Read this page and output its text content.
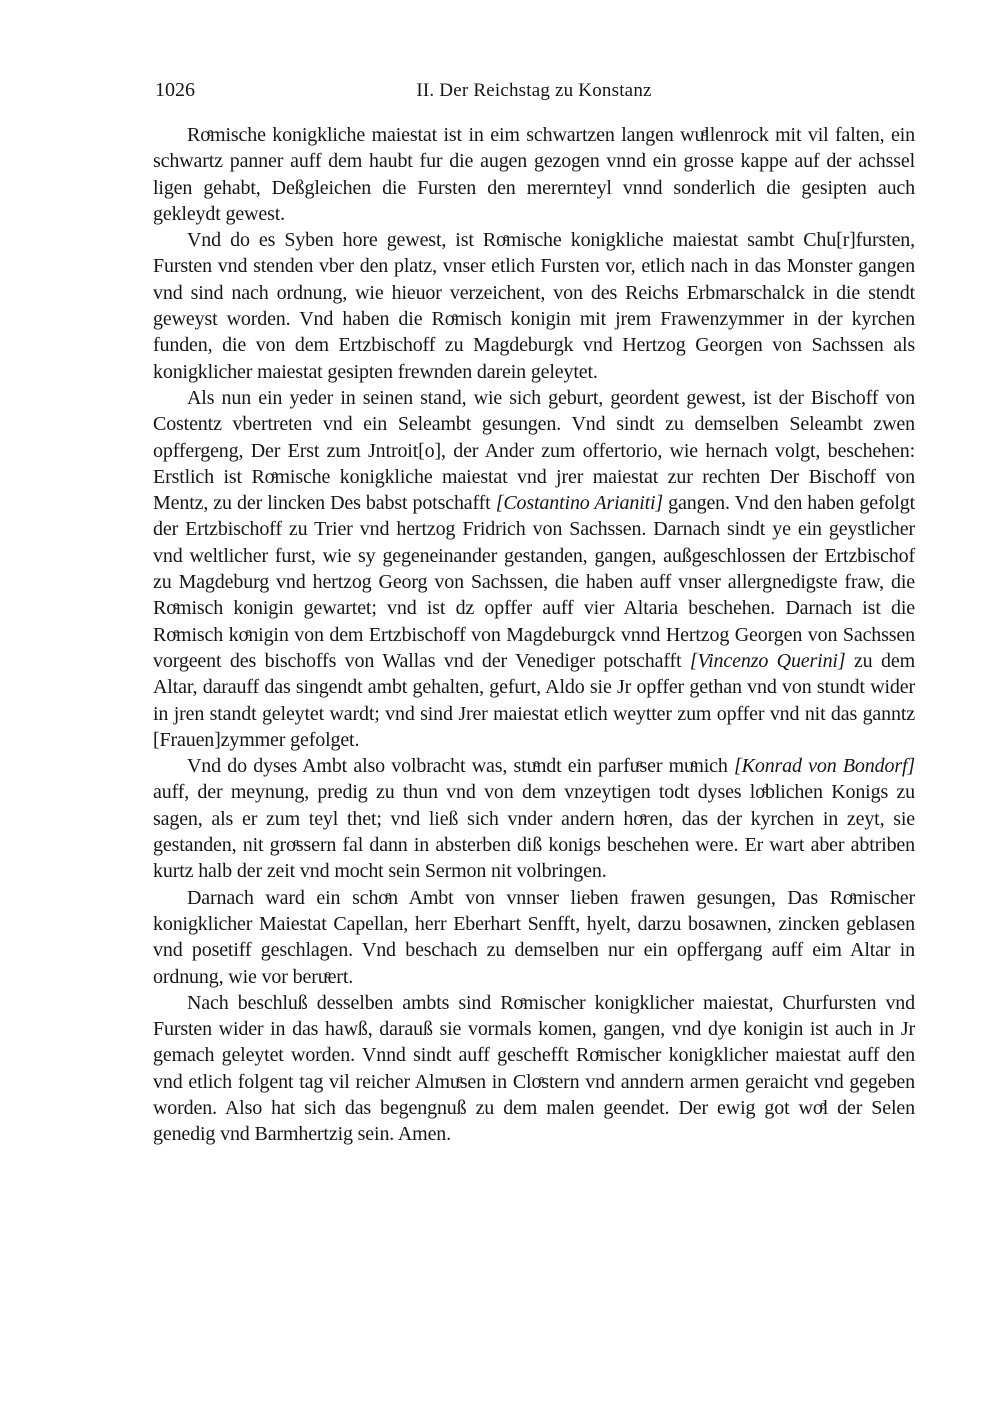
1026	II. Der Reichstag zu Konstanz

Roͤmische konigkliche maiestat ist in eim schwartzen langen wuͤllenrock mit vil falten, ein schwartz panner auff dem haubt fur die augen gezogen vnnd ein grosse kappe auf der achssel ligen gehabt, Deßgleichen die Fursten den merernteyl vnnd sonderlich die gesipten auch gekleydt gewest.

Vnd do es Syben hore gewest, ist Roͤmische konigkliche maiestat sambt Chu[r]fursten, Fursten vnd stenden vber den platz, vnser etlich Fursten vor, etlich nach in das Monster gangen vnd sind nach ordnung, wie hieuor verzeichent, von des Reichs Erbmarschalck in die stendt geweyst worden. Vnd haben die Roͤmisch konigin mit jrem Frawenzymmer in der kyrchen funden, die von dem Ertzbischoff zu Magdeburgk vnd Hertzog Georgen von Sachssen als konigklicher maiestat gesipten frewnden darein geleytet.

Als nun ein yeder in seinen stand, wie sich geburt, geordent gewest, ist der Bischoff von Costentz vbertreten vnd ein Seleambt gesungen. Vnd sindt zu demselben Seleambt zwen opffergeng, Der Erst zum Jntroit[o], der Ander zum offertorio, wie hernach volgt, beschehen: Erstlich ist Roͤmische konigkliche maiestat vnd jrer maiestat zur rechten Der Bischoff von Mentz, zu der lincken Des babst potschafft [Costantino Arianiti] gangen. Vnd den haben gefolgt der Ertzbischoff zu Trier vnd hertzog Fridrich von Sachssen. Darnach sindt ye ein geystlicher vnd weltlicher furst, wie sy gegeneinander gestanden, gangen, außgeschlossen der Ertzbischof zu Magdeburg vnd hertzog Georg von Sachssen, die haben auff vnser allergnedigste fraw, die Roͤmisch konigin gewartet; vnd ist dz opffer auff vier Altaria beschehen. Darnach ist die Roͤmisch koͤnigin von dem Ertzbischoff von Magdeburgck vnnd Hertzog Georgen von Sachssen vorgeent des bischoffs von Wallas vnd der Venediger potschafft [Vincenzo Querini] zu dem Altar, darauff das singendt ambt gehalten, gefurt, Aldo sie Jr opffer gethan vnd von stundt wider in jren standt geleytet wardt; vnd sind Jrer maiestat etlich weytter zum opffer vnd nit das ganntz [Frauen]zymmer gefolget.

Vnd do dyses Ambt also volbracht was, stuͤndt ein parfuͤser muͤnich [Konrad von Bondorf] auff, der meynung, predig zu thun vnd von dem vnzeytigen todt dyses loͤblichen Konigs zu sagen, als er zum teyl thet; vnd ließ sich vnder andern hoͤren, das der kyrchen in zeyt, sie gestanden, nit groͤssern fal dann in absterben diß konigs beschehen were. Er wart aber abtriben kurtz halb der zeit vnd mocht sein Sermon nit volbringen.

Darnach ward ein schoͤn Ambt von vnnser lieben frawen gesungen, Das Roͤmischer konigklicher Maiestat Capellan, herr Eberhart Senfft, hyelt, darzu bosawnen, zincken geblasen vnd posetiff geschlagen. Vnd beschach zu demselben nur ein opffergang auff eim Altar in ordnung, wie vor beruͤert.

Nach beschluß desselben ambts sind Roͤmischer konigklicher maiestat, Churfursten vnd Fursten wider in das hawß, darauß sie vormals komen, gangen, vnd dye konigin ist auch in Jr gemach geleytet worden. Vnnd sindt auff geschefft Roͤmischer konigklicher maiestat auff den vnd etlich folgent tag vil reicher Almuͤsen in Cloͤstern vnd anndern armen geraicht vnd gegeben worden. Also hat sich das begengnuß zu dem malen geendet. Der ewig got woͤl der Selen genedig vnd Barmhertzig sein. Amen.
